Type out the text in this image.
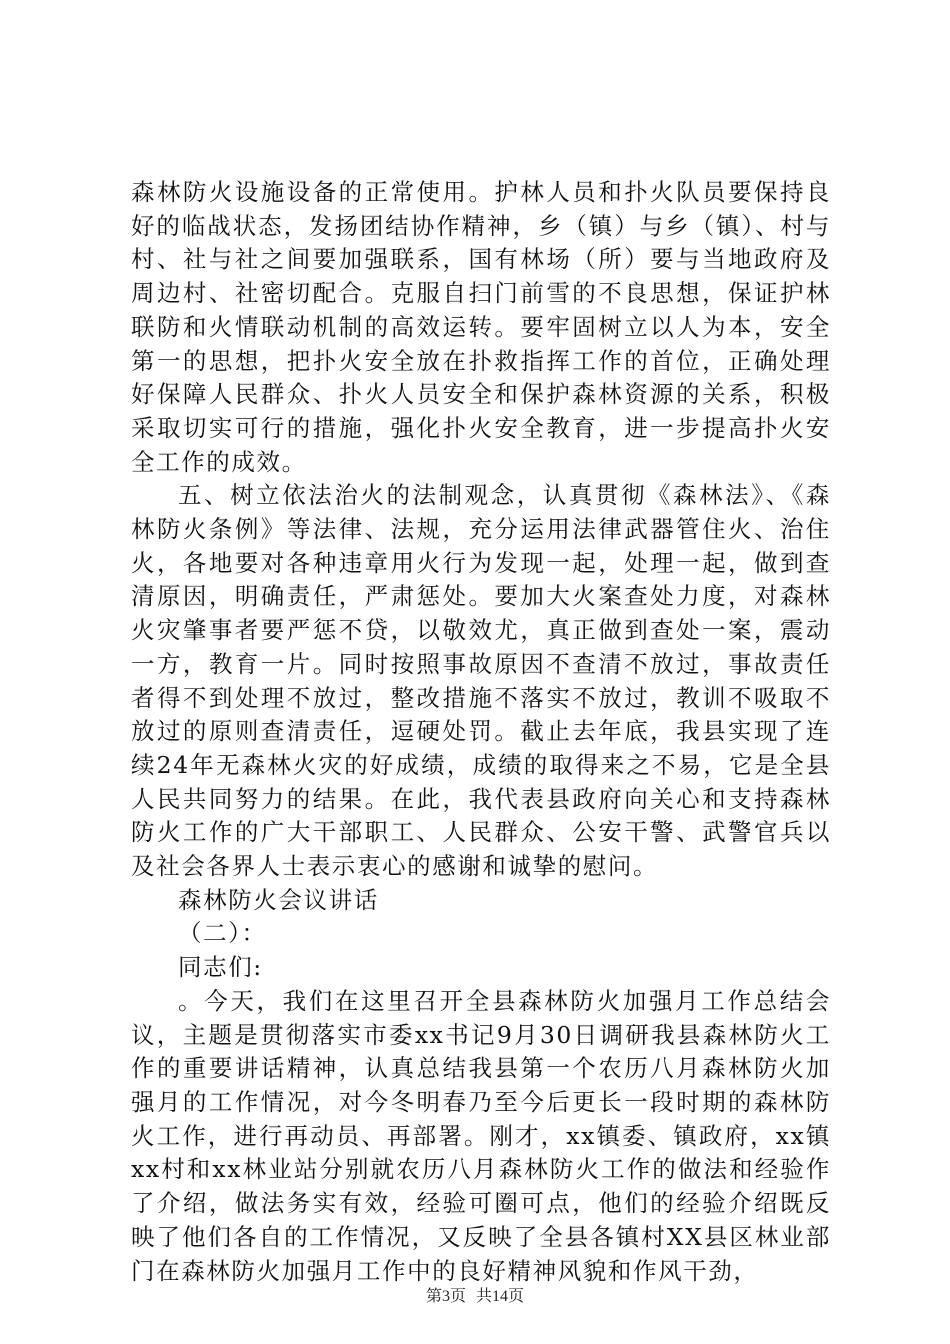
森林防火设施设备的正常使用。护林人员和扑火队员要保持良好的临战状态，发扬团结协作精神，乡（镇）与乡（镇）、村与村、社与社之间要加强联系，国有林场（所）要与当地政府及周边村、社密切配合。克服自扫门前雪的不良思想，保证护林联防和火情联动机制的高效运转。要牢固树立以人为本，安全第一的思想，把扑火安全放在扑救指挥工作的首位，正确处理好保障人民群众、扑火人员安全和保护森林资源的关系，积极采取切实可行的措施，强化扑火安全教育，进一步提高扑火安全工作的成效。

五、树立依法治火的法制观念，认真贯彻《森林法》、《森林防火条例》等法律、法规，充分运用法律武器管住火、治住火，各地要对各种违章用火行为发现一起，处理一起，做到查清原因，明确责任，严肃惩处。要加大火案查处力度，对森林火灾肇事者要严惩不贷，以敬效尤，真正做到查处一案，震动一方，教育一片。同时按照事故原因不查清不放过，事故责任者得不到处理不放过，整改措施不落实不放过，教训不吸取不放过的原则查清责任，逗硬处罚。截止去年底，我县实现了连续24年无森林火灾的好成绩，成绩的取得来之不易，它是全县人民共同努力的结果。在此，我代表县政府向关心和支持森林防火工作的广大干部职工、人民群众、公安干警、武警官兵以及社会各界人士表示衷心的感谢和诚挚的慰问。

森林防火会议讲话

（二）：

同志们:

。今天，我们在这里召开全县森林防火加强月工作总结会议，主题是贯彻落实市委xx书记9月30日调研我县森林防火工作的重要讲话精神，认真总结我县第一个农历八月森林防火加强月的工作情况，对今冬明春乃至今后更长一段时期的森林防火工作，进行再动员、再部署。刚才，xx镇委、镇政府，xx镇xx村和xx林业站分别就农历八月森林防火工作的做法和经验作了介绍，做法务实有效，经验可圈可点，他们的经验介绍既反映了他们各自的工作情况，又反映了全县各镇村XX县区林业部门在森林防火加强月工作中的良好精神风貌和作风干劲，

第3页 共14页
